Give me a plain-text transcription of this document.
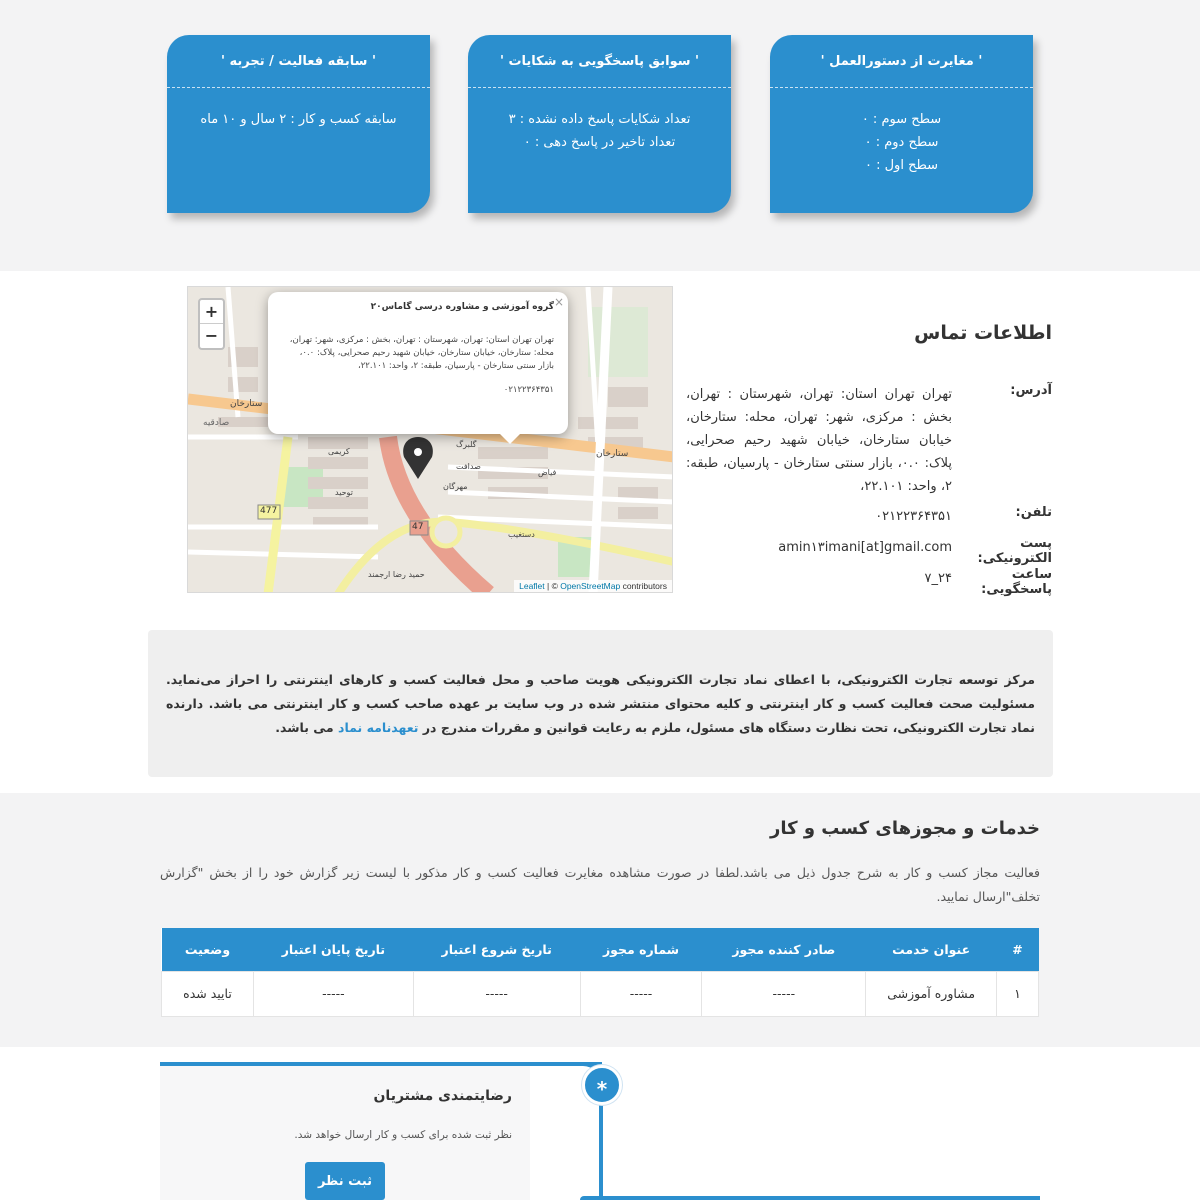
' مغایرت از دستورالعمل '
سطح سوم : ۰
سطح دوم : ۰
سطح اول : ۰
' سوابق پاسخگویی به شکایات '
تعداد شکایات پاسخ داده نشده : ۳
تعداد تاخیر در پاسخ دهی : ۰
' سابقه فعالیت / تجربه '
سابقه کسب و کار : ۲ سال و ۱۰ ماه
اطلاعات تماس
آدرس:
تهران تهران استان: تهران، شهرستان : تهران، بخش : مرکزی، شهر: تهران، محله: ستارخان، خیابان ستارخان، خیابان شهید رحیم صحرایی، پلاک: ۰.۰، بازار سنتی ستارخان - پارسیان، طبقه: ۲، واحد: ۲۲.۱۰۱،
تلفن:
۰۲۱۲۲۳۶۴۳۵۱
پست الکترونیکی:
amin۱۳imani[at]gmail.com
ساعت پاسخگویی:
۲۴_۷
477
47
ستارخان
ستارخان
صادقیه
گلبرگ
صدافت
مهرگان
فیاض
توحید
دستغیب
کریمی
حمید رضا ارجمند
+
−
×
گروه آموزشی و مشاوره درسی گاماس۲۰
تهران تهران استان: تهران، شهرستان : تهران، بخش : مرکزی، شهر: تهران، محله: ستارخان، خیابان ستارخان، خیابان شهید رحیم صحرایی، پلاک: ۰.۰، بازار سنتی ستارخان - پارسیان، طبقه: ۲، واحد: ۲۲.۱۰۱،
۰۲۱۲۲۳۶۴۳۵۱
Leaflet | © OpenStreetMap contributors
مرکز توسعه تجارت الکترونیکی، با اعطای نماد تجارت الکترونیکی هویت صاحب و محل فعالیت کسب و کارهای اینترنتی را احراز می‌نماید. مسئولیت صحت فعالیت کسب و کار اینترنتی و کلیه محتوای منتشر شده در وب سایت بر عهده صاحب کسب و کار اینترنتی می باشد. دارنده نماد تجارت الکترونیکی، تحت نظارت دستگاه های مسئول، ملزم به رعایت قوانین و مقررات مندرج در تعهدنامه نماد می باشد.
خدمات و مجوزهای کسب و کار
فعالیت مجاز کسب و کار به شرح جدول ذیل می باشد.لطفا در صورت مشاهده مغایرت فعالیت کسب و کار مذکور با لیست زیر گزارش خود را از بخش "گزارش تخلف"ارسال نمایید.
#	عنوان خدمت	صادر کننده مجوز	شماره مجوز	تاریخ شروع اعتبار	تاریخ پایان اعتبار	وضعیت
۱	مشاوره آموزشی	-----	-----	-----	-----	تایید شده
رضایتمندی مشتریان
نظر ثبت شده برای کسب و کار ارسال خواهد شد.
ثبت نظر
*
